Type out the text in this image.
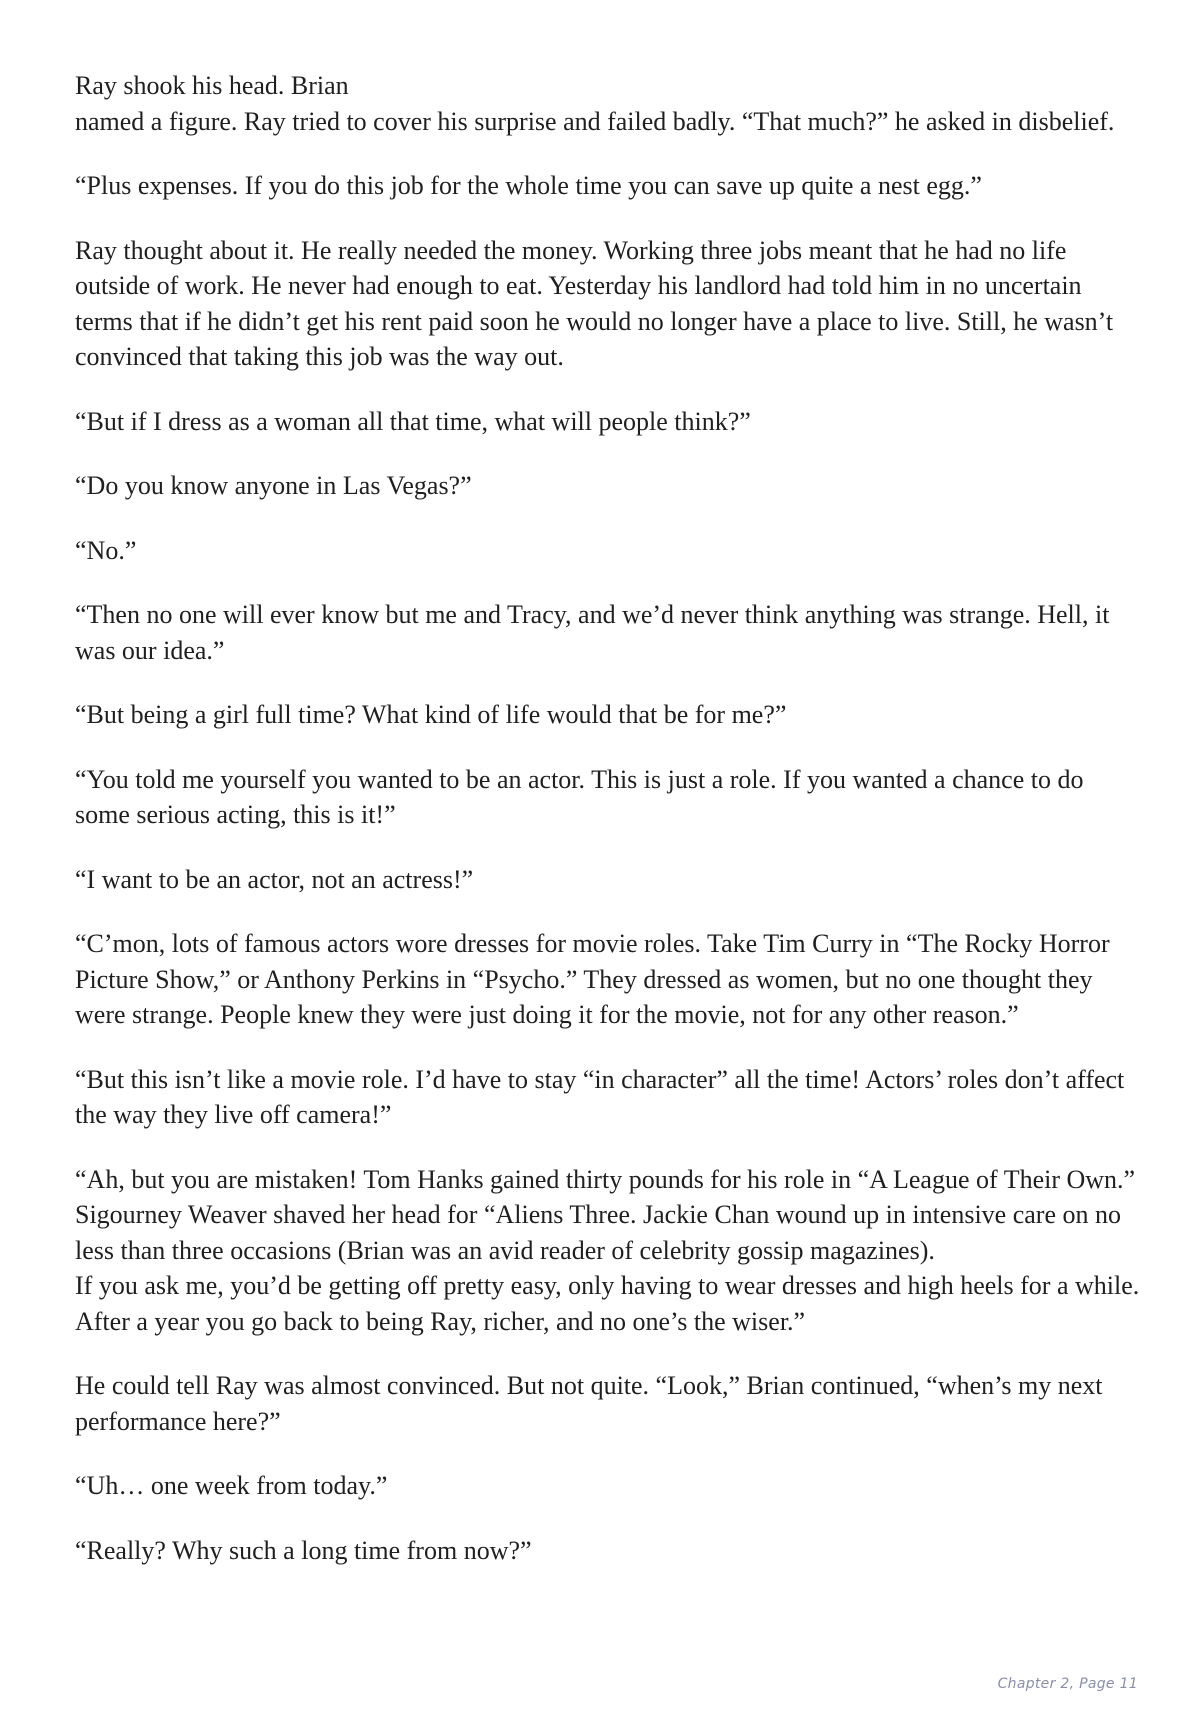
Ray shook his head. Brian
named a figure. Ray tried to cover his surprise and failed badly. “That much?” he asked in disbelief.

“Plus expenses. If you do this job for the whole time you can save up quite a nest egg.”

Ray thought about it. He really needed the money. Working three jobs meant that he had no life outside of work. He never had enough to eat. Yesterday his landlord had told him in no uncertain terms that if he didn’t get his rent paid soon he would no longer have a place to live. Still, he wasn’t convinced that taking this job was the way out.

“But if I dress as a woman all that time, what will people think?”

“Do you know anyone in Las Vegas?”

“No.”

“Then no one will ever know but me and Tracy, and we’d never think anything was strange. Hell, it was our idea.”

“But being a girl full time? What kind of life would that be for me?”

“You told me yourself you wanted to be an actor. This is just a role. If you wanted a chance to do some serious acting, this is it!”

“I want to be an actor, not an actress!”

“C’mon, lots of famous actors wore dresses for movie roles. Take Tim Curry in “The Rocky Horror Picture Show,” or Anthony Perkins in “Psycho.” They dressed as women, but no one thought they were strange. People knew they were just doing it for the movie, not for any other reason.”

“But this isn’t like a movie role. I’d have to stay “in character” all the time! Actors’ roles don’t affect the way they live off camera!”

“Ah, but you are mistaken! Tom Hanks gained thirty pounds for his role in “A League of Their Own.” Sigourney Weaver shaved her head for “Aliens Three. Jackie Chan wound up in intensive care on no less than three occasions (Brian was an avid reader of celebrity gossip magazines).
If you ask me, you’d be getting off pretty easy, only having to wear dresses and high heels for a while. After a year you go back to being Ray, richer, and no one’s the wiser.”

He could tell Ray was almost convinced. But not quite. “Look,” Brian continued, “when’s my next performance here?”

“Uh… one week from today.”

“Really? Why such a long time from now?”

Chapter 2, Page 11
